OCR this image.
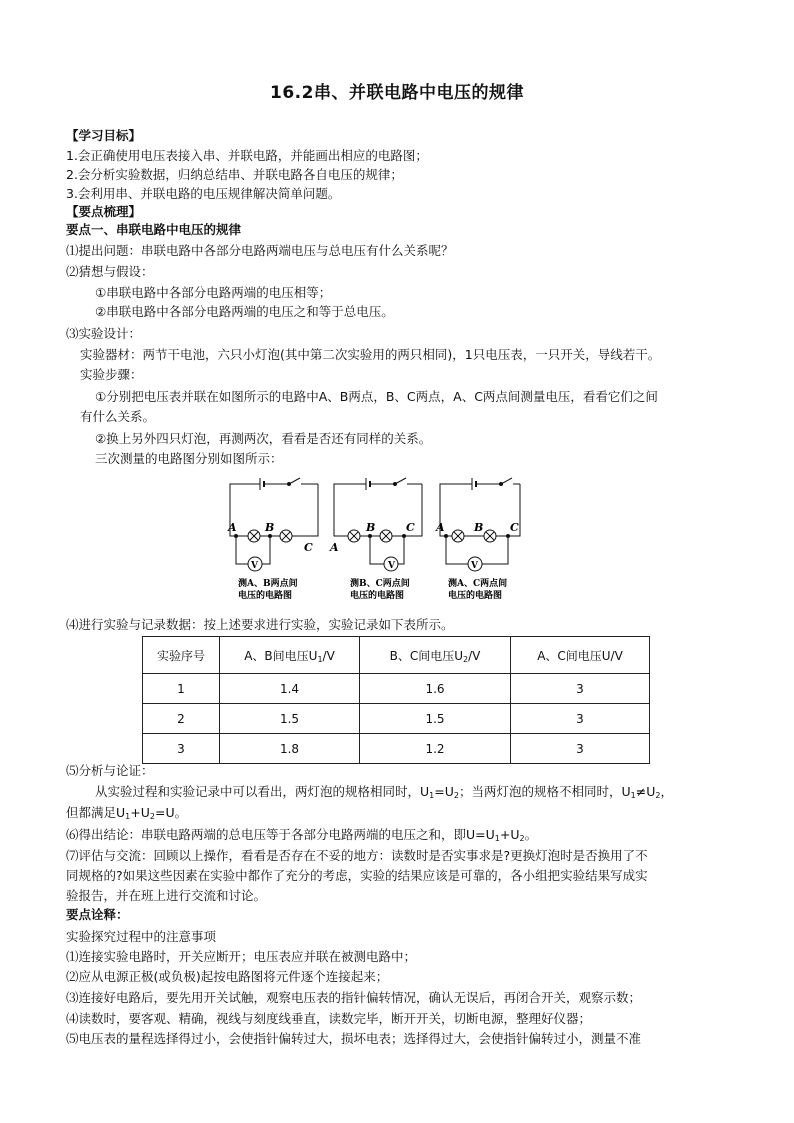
16.2串、并联电路中电压的规律
【学习目标】
1.会正确使用电压表接入串、并联电路，并能画出相应的电路图；
2.会分析实验数据，归纳总结串、并联电路各自电压的规律；
3.会利用串、并联电路的电压规律解决简单问题。
【要点梳理】
要点一、串联电路中电压的规律
⑴提出问题：串联电路中各部分电路两端电压与总电压有什么关系呢？
⑵猜想与假设：
①串联电路中各部分电路两端的电压相等；
②串联电路中各部分电路两端的电压之和等于总电压。
⑶实验设计：
实验器材：两节干电池，六只小灯泡(其中第二次实验用的两只相同)，1只电压表，一只开关，导线若干。
实验步骤：
①分别把电压表并联在如图所示的电路中A、B两点，B、C两点，A、C两点间测量电压，看看它们之间
有什么关系。
②换上另外四只灯泡，再测两次，看看是否还有同样的关系。
三次测量的电路图分别如图所示：
A	B
C
V
测A、B两点间
电压的电路图
A
B	C
V
测B、C两点间
电压的电路图
A	B C
V
测A、C两点间
电压的电路图
⑷进行实验与记录数据：按上述要求进行实验，实验记录如下表所示。
实验序号	A、B间电压$U_1/V$	B、C间电压$U_2/V$	A、C间电压U/V
1	1.4	1.6	3
2	1.5	1.5	3
3	1.8	1.2	3
⑸分析与论证：
从实验过程和实验记录中可以看出，两灯泡的规格相同时，$U_1=U_2$；当两灯泡的规格不相同时，$U_1\ne U_2$，
但都满足$U_1+U_2=U$。
⑹得出结论：串联电路两端的总电压等于各部分电路两端的电压之和，即$U=U_1+U_2$。
⑺评估与交流：回顾以上操作，看看是否存在不妥的地方：读数时是否实事求是?更换灯泡时是否换用了不
同规格的?如果这些因素在实验中都作了充分的考虑，实验的结果应该是可靠的，各小组把实验结果写成实
验报告，并在班上进行交流和讨论。
要点诠释：
实验探究过程中的注意事项
⑴连接实验电路时，开关应断开；电压表应并联在被测电路中；
⑵应从电源正极(或负极)起按电路图将元件逐个连接起来；
⑶连接好电路后，要先用开关试触，观察电压表的指针偏转情况，确认无误后，再闭合开关，观察示数；
⑷读数时，要客观、精确，视线与刻度线垂直，读数完毕，断开开关，切断电源，整理好仪器；
⑸电压表的量程选择得过小，会使指针偏转过大，损坏电表；选择得过大，会使指针偏转过小，测量不准
